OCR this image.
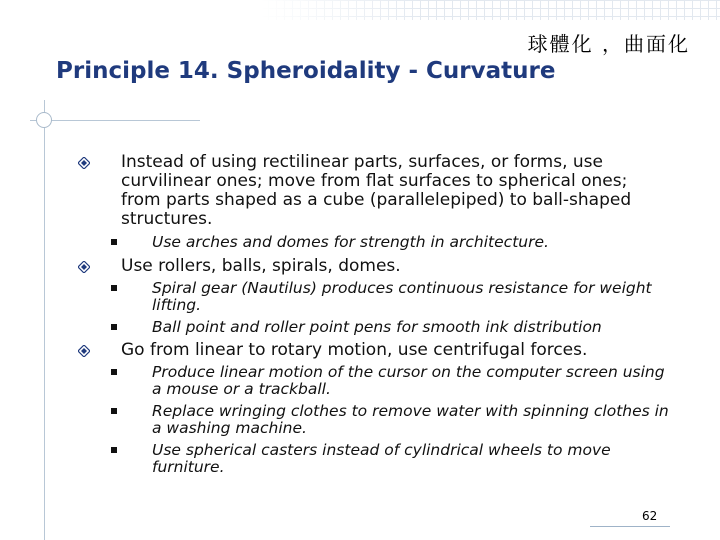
球體化 ，曲面化
Principle 14. Spheroidality - Curvature
Instead of using rectilinear parts, surfaces, or forms, use curvilinear ones; move from flat surfaces to spherical ones; from parts shaped as a cube (parallelepiped) to ball-shaped structures.
Use arches and domes for strength in architecture.
Use rollers, balls, spirals, domes.
Spiral gear (Nautilus) produces continuous resistance for weight lifting.
Ball point and roller point pens for smooth ink distribution
Go from linear to rotary motion, use centrifugal forces.
Produce linear motion of the cursor on the computer screen using a mouse or a trackball.
Replace wringing clothes to remove water with spinning clothes in a washing machine.
Use spherical casters instead of cylindrical wheels to move furniture.
62
